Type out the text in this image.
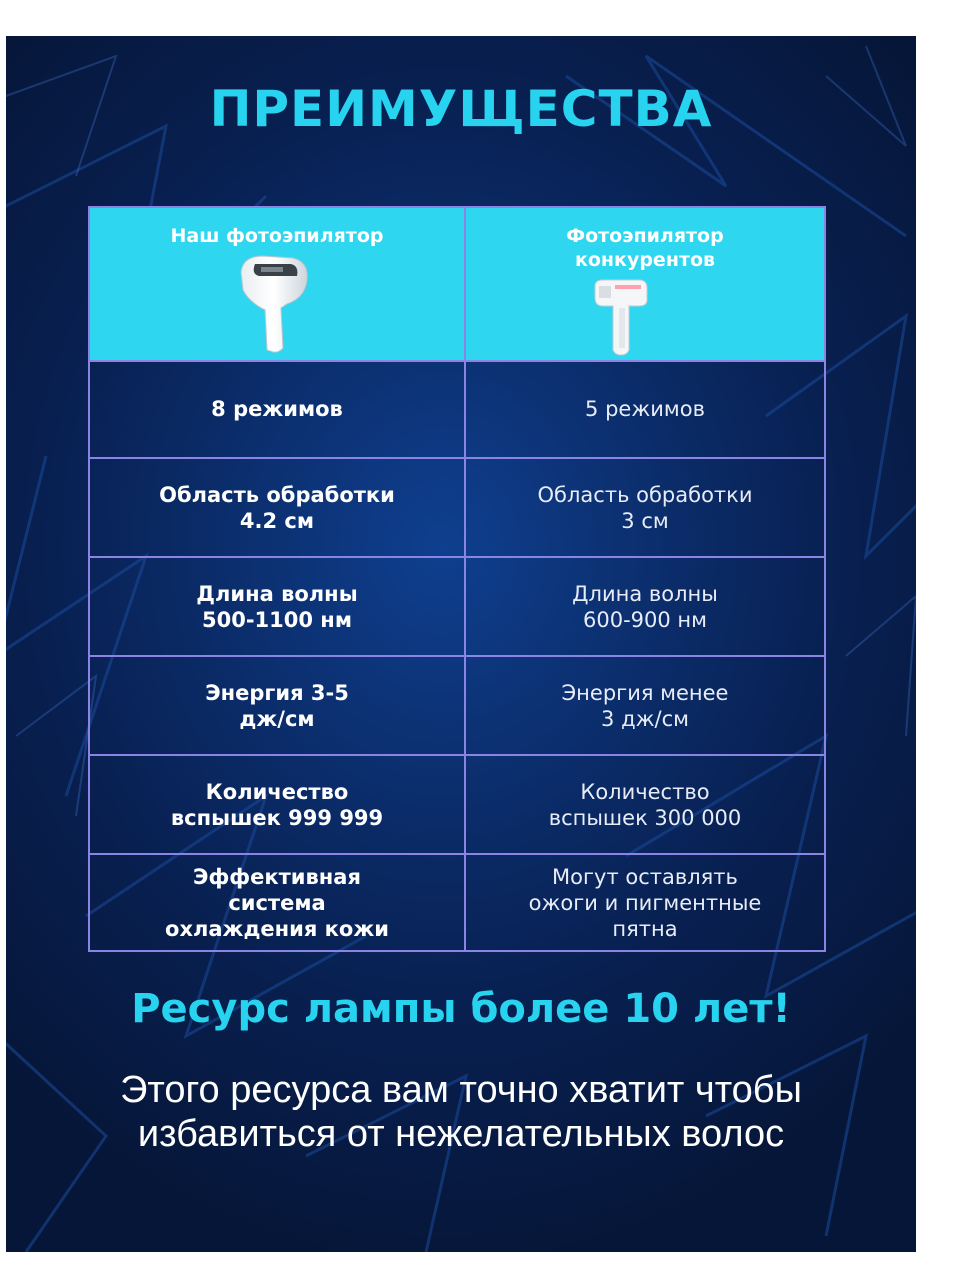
ПРЕИМУЩЕСТВА
Наш фотоэпилятор	Фотоэпилятор
конкурентов
8 режимов	5 режимов
Область обработки
4.2 см
Область обработки
3 см
Длина волны
500-1100 нм
Длина волны
600-900 нм
Энергия 3-5
дж/см
Энергия менее
3 дж/см
Количество
вспышек 999 999
Количество
вспышек 300 000
Эффективная
система
охлаждения кожи
Могут оставлять
ожоги и пигментные
пятна
Ресурс лампы более 10 лет!
Этого ресурса вам точно хватит чтобы
избавиться от нежелательных волос
